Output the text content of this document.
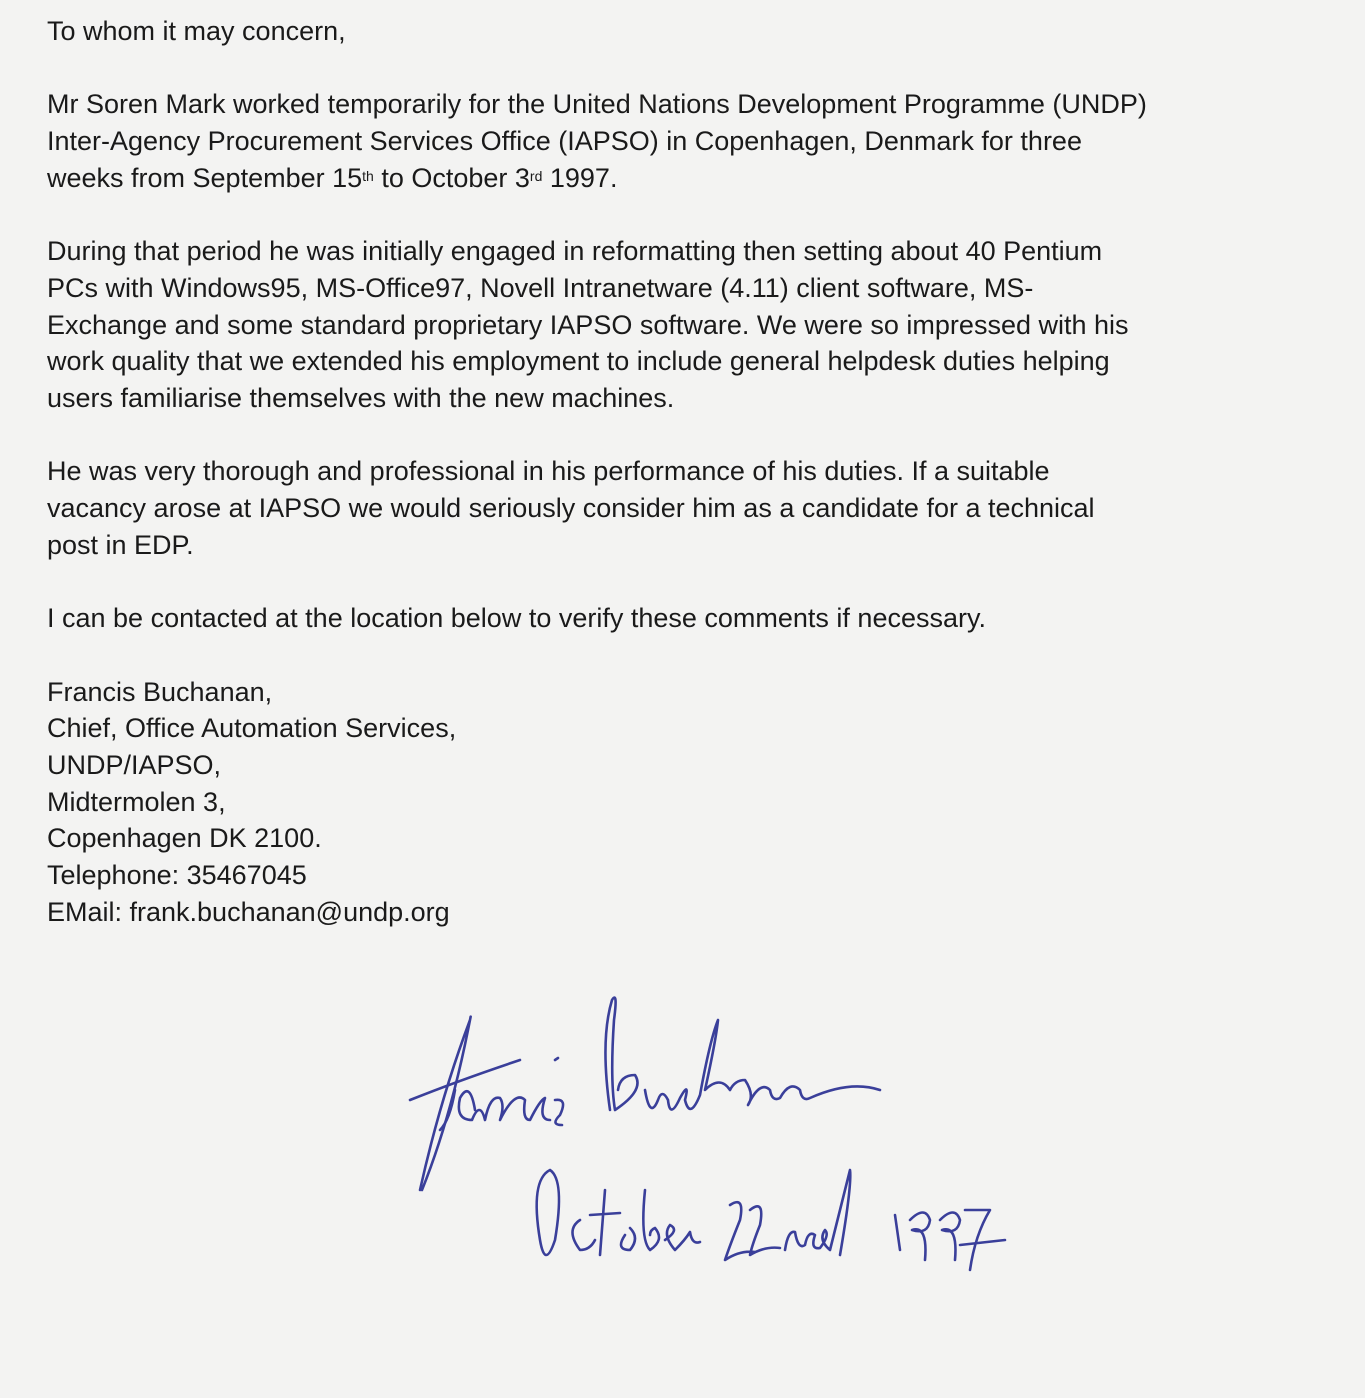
To whom it may concern,

Mr Soren Mark worked temporarily for the United Nations Development Programme (UNDP)

Inter-Agency Procurement Services Office (IAPSO) in Copenhagen, Denmark for three

weeks from September 15th to October 3rd 1997.

During that period he was initially engaged in reformatting then setting about 40 Pentium

PCs with Windows95, MS-Office97, Novell Intranetware (4.11) client software, MS-

Exchange and some standard proprietary IAPSO software. We were so impressed with his

work quality that we extended his employment to include general helpdesk duties helping

users familiarise themselves with the new machines.

He was very thorough and professional in his performance of his duties. If a suitable

vacancy arose at IAPSO we would seriously consider him as a candidate for a technical

post in EDP.

I can be contacted at the location below to verify these comments if necessary.

Francis Buchanan,

Chief, Office Automation Services,

UNDP/IAPSO,

Midtermolen 3,

Copenhagen DK 2100.

Telephone: 35467045

EMail: frank.buchanan@undp.org
